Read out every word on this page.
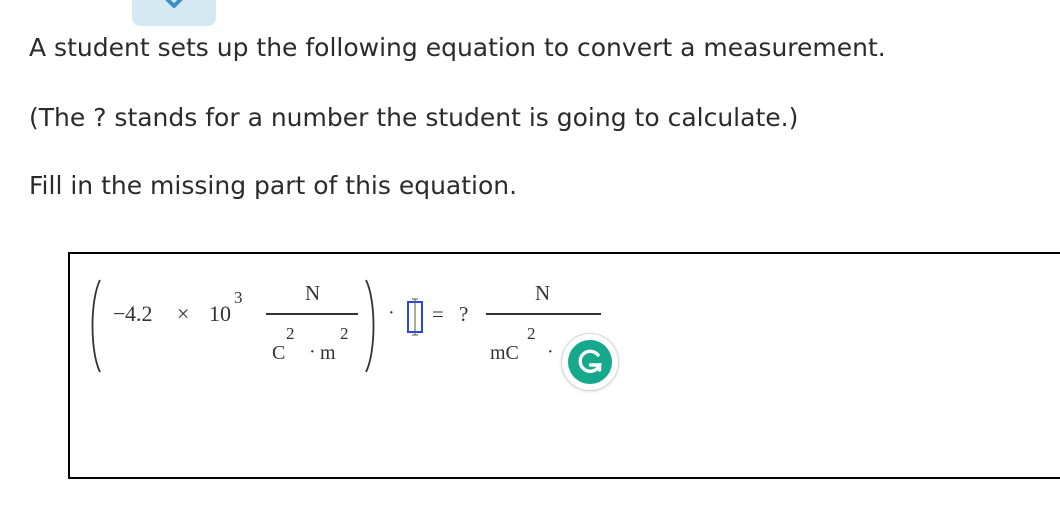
A student sets up the following equation to convert a measurement.

(The ? stands for a number the student is going to calculate.)

Fill in the missing part of this equation.

− 4.2 × 10
3	N
C
2
· m
2
· = ?
N
mC
2
·
